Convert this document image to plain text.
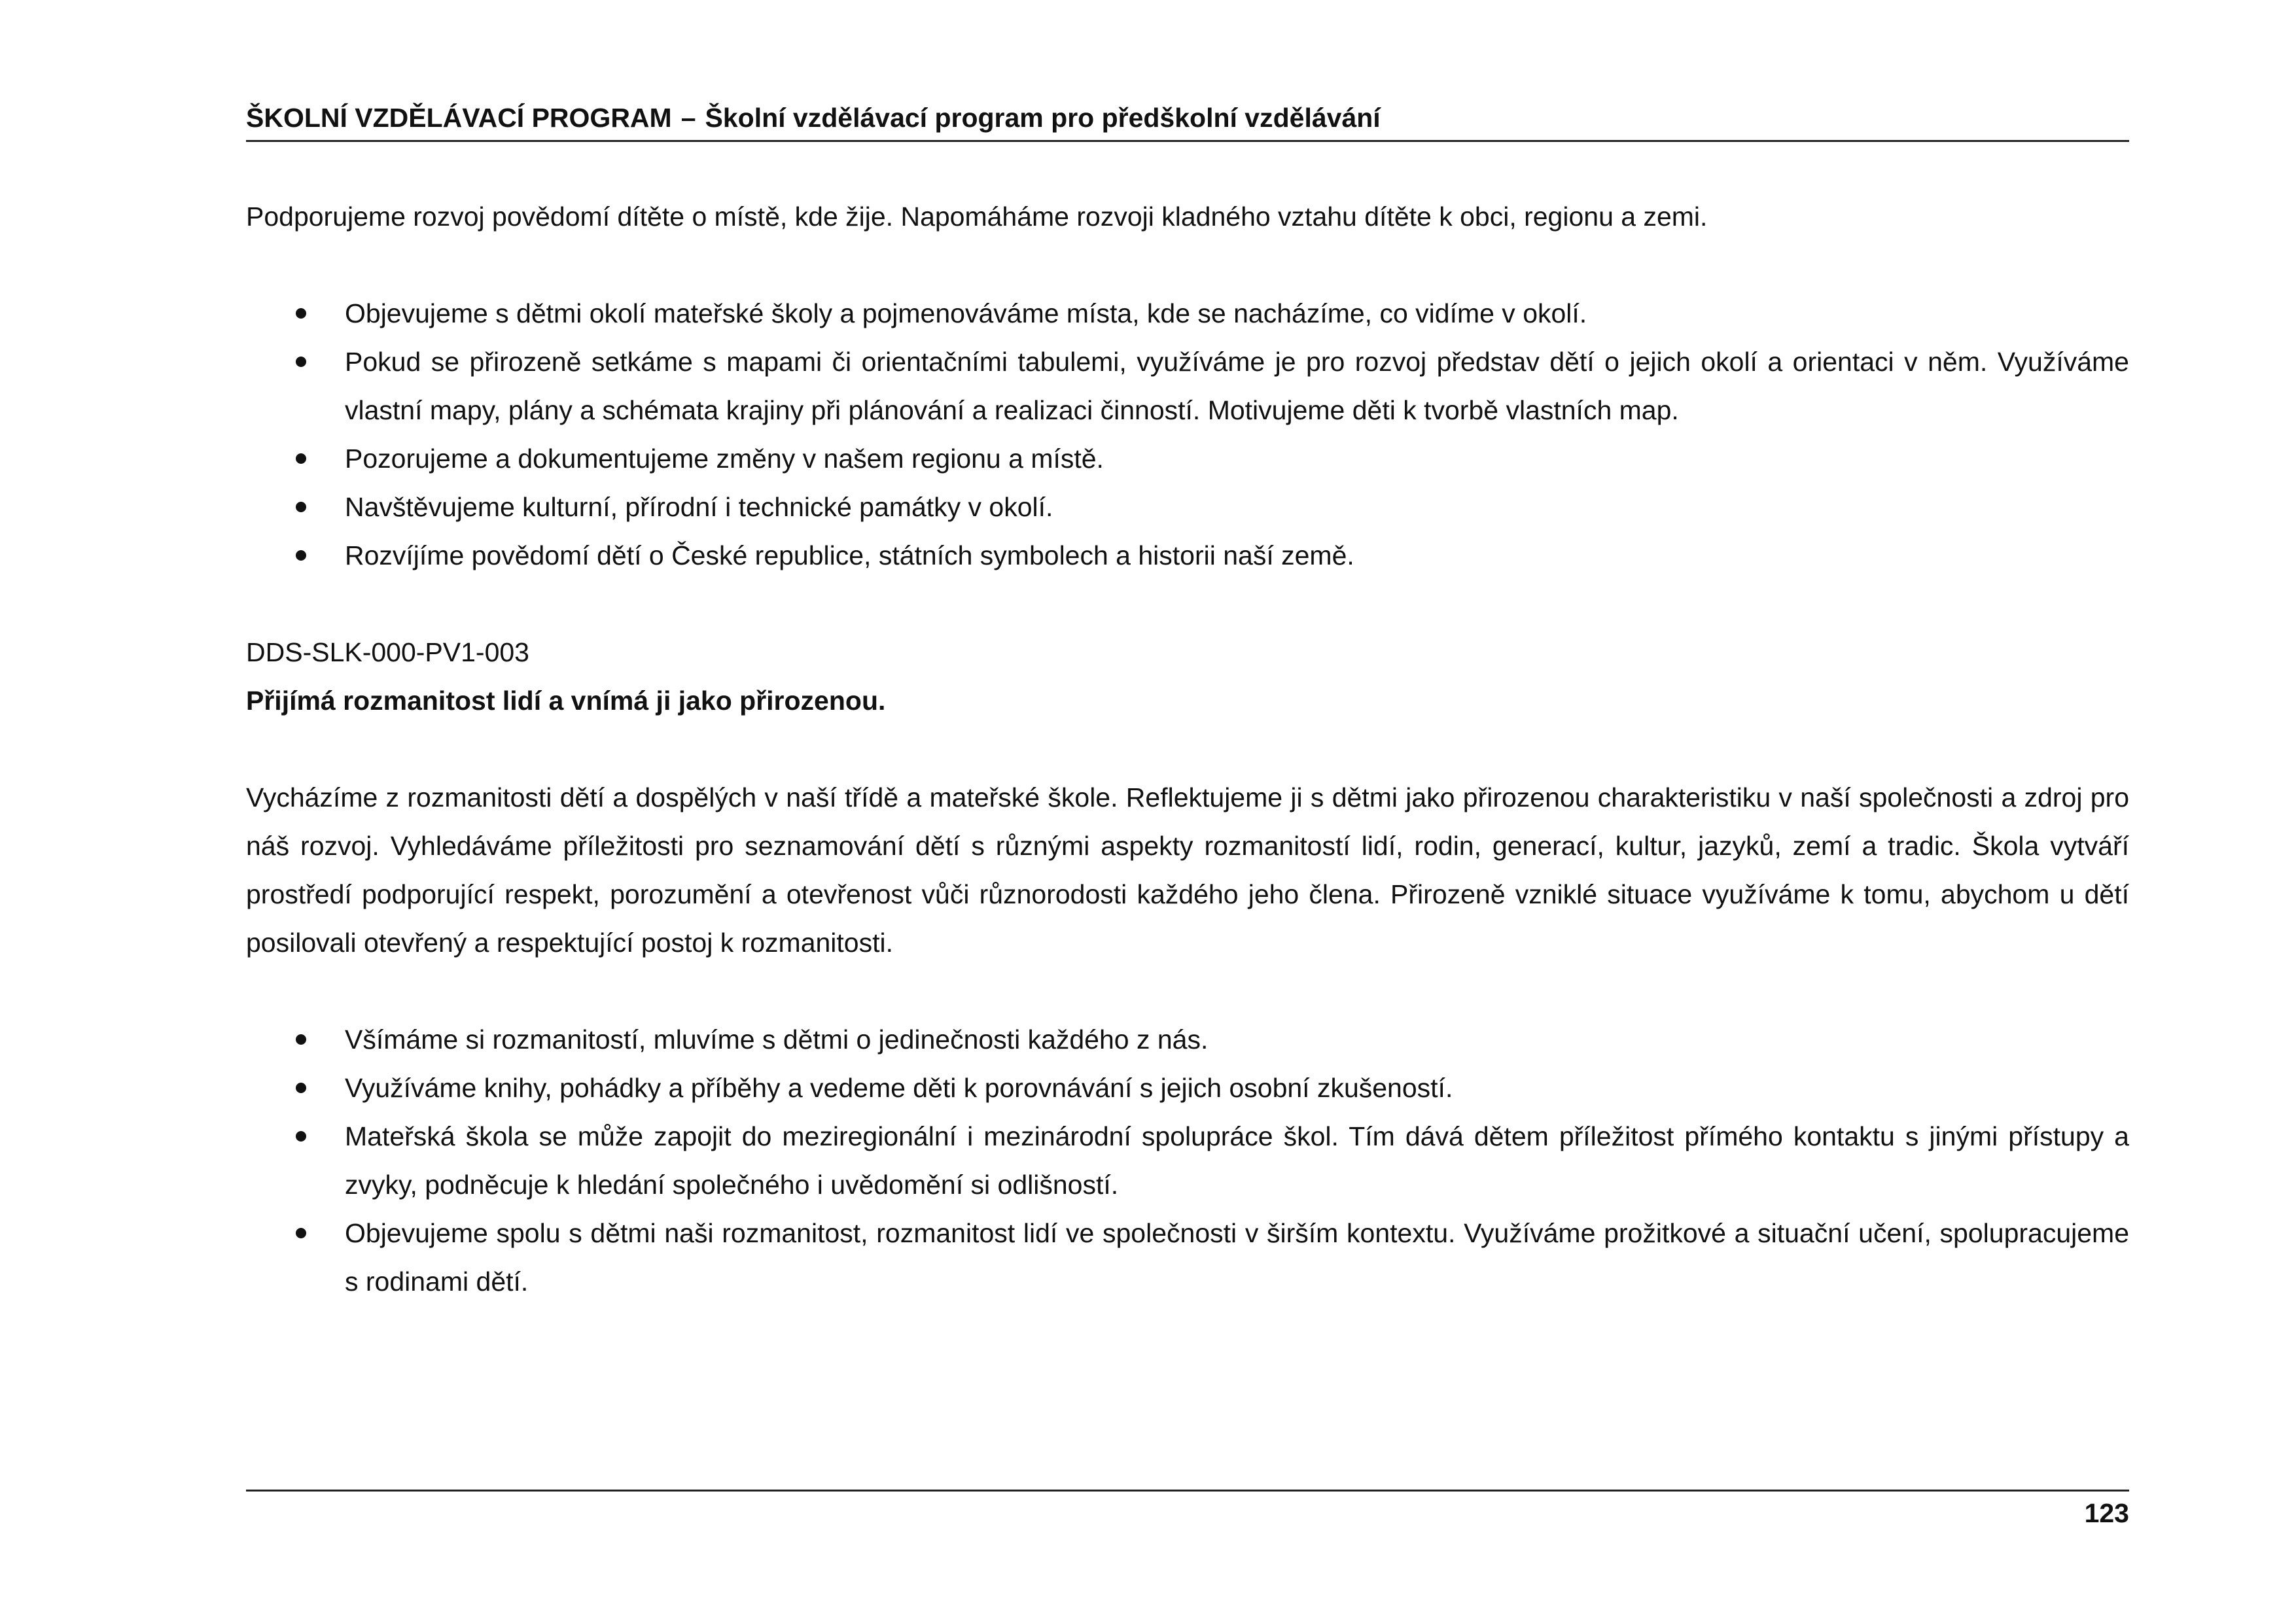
ŠKOLNÍ VZDĚLÁVACÍ PROGRAM – Školní vzdělávací program pro předškolní vzdělávání

Podporujeme rozvoj povědomí dítěte o místě, kde žije. Napomáháme rozvoji kladného vztahu dítěte k obci, regionu a zemi.

Objevujeme s dětmi okolí mateřské školy a pojmenováváme místa, kde se nacházíme, co vidíme v okolí.
Pokud se přirozeně setkáme s mapami či orientačními tabulemi, využíváme je pro rozvoj představ dětí o jejich okolí a orientaci v něm. Využíváme vlastní mapy, plány a schémata krajiny při plánování a realizaci činností. Motivujeme děti k tvorbě vlastních map.
Pozorujeme a dokumentujeme změny v našem regionu a místě.
Navštěvujeme kulturní, přírodní i technické památky v okolí.
Rozvíjíme povědomí dětí o České republice, státních symbolech a historii naší země.

DDS-SLK-000-PV1-003

Přijímá rozmanitost lidí a vnímá ji jako přirozenou.

Vycházíme z rozmanitosti dětí a dospělých v naší třídě a mateřské škole. Reflektujeme ji s dětmi jako přirozenou charakteristiku v naší společnosti a zdroj pro náš rozvoj. Vyhledáváme příležitosti pro seznamování dětí s různými aspekty rozmanitostí lidí, rodin, generací, kultur, jazyků, zemí a tradic. Škola vytváří prostředí podporující respekt, porozumění a otevřenost vůči různorodosti každého jeho člena. Přirozeně vzniklé situace využíváme k tomu, abychom u dětí posilovali otevřený a respektující postoj k rozmanitosti.

Všímáme si rozmanitostí, mluvíme s dětmi o jedinečnosti každého z nás.
Využíváme knihy, pohádky a příběhy a vedeme děti k porovnávání s jejich osobní zkušeností.
Mateřská škola se může zapojit do meziregionální i mezinárodní spolupráce škol. Tím dává dětem příležitost přímého kontaktu s jinými přístupy a zvyky, podněcuje k hledání společného i uvědomění si odlišností.
Objevujeme spolu s dětmi naši rozmanitost, rozmanitost lidí ve společnosti v širším kontextu. Využíváme prožitkové a situační učení, spolupracujeme s rodinami dětí.
123
